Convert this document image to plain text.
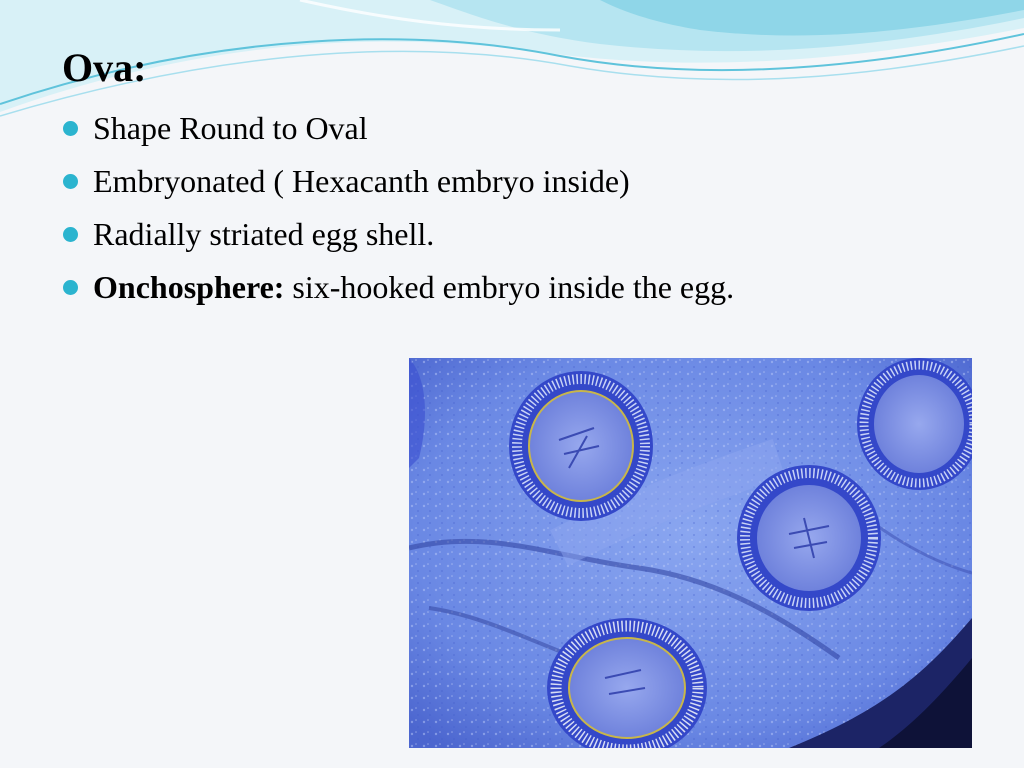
Ova:
Shape Round to Oval
Embryonated ( Hexacanth embryo inside)
Radially striated egg shell.
Onchosphere: six-hooked embryo inside the egg.
